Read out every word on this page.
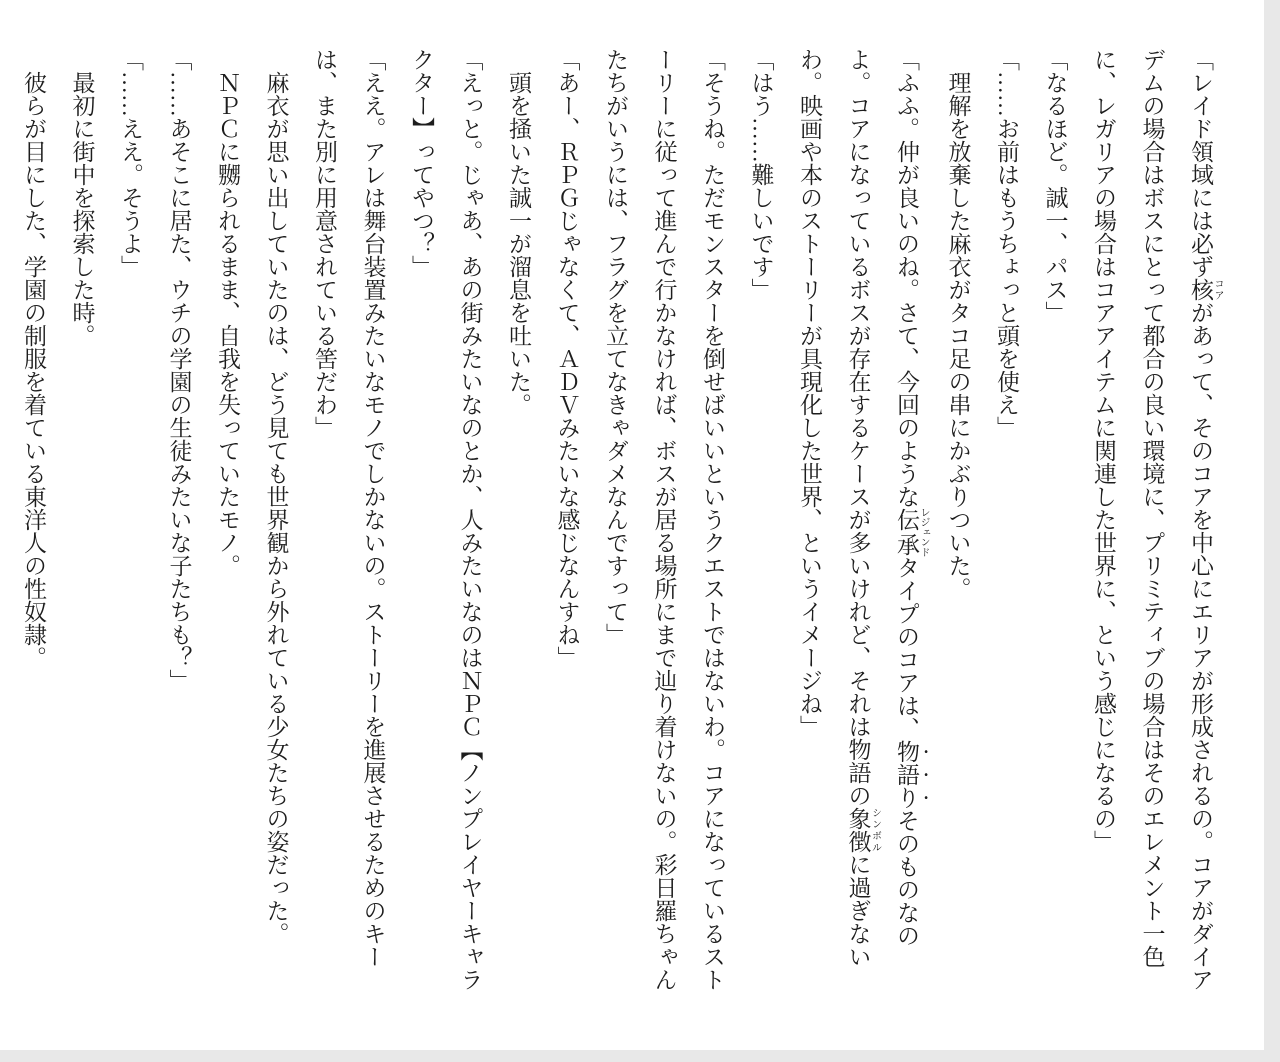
「レイド領域には必ず核 コアがあって、そのコアを中心にエリアが形成されるの。コアがダイアデムの場合はボスにとって都合の良い環境に、プリミティブの場合はそのエレメント一色に、レガリアの場合はコアアイテムに関連した世界に、という感じになるの」

「なるほど。誠一、パス」

「……お前はもうちょっと頭を使え」

理解を放棄した麻衣がタコ足の串にかぶりついた。

「ふふ。仲が良いのね。さて、今回のような伝承 レジェンドタイプのコアは、物語りそのものなのよ。コアになっているボスが存在するケースが多いけれど、それは物語の象徴 シンボルに過ぎないわ。映画や本のストーリーが具現化した世界、というイメージね」

「はう……難しいです」

「そうね。ただモンスターを倒せばいいというクエストではないわ。コアになっているストーリーに従って進んで行かなければ、ボスが居る場所にまで辿り着けないの。彩日羅ちゃんたちがいうには、フラグを立てなきゃダメなんですって」

「あー、ＲＰＧじゃなくて、ＡＤＶみたいな感じなんすね」

頭を掻いた誠一が溜息を吐いた。

「えっと。じゃあ、あの街みたいなのとか、人みたいなのはＮＰＣ【ノンプレイヤーキャラクター】ってやつ？」

「ええ。アレは舞台装置みたいなモノでしかないの。ストーリーを進展させるためのキーは、また別に用意されている筈だわ」

麻衣が思い出していたのは、どう見ても世界観から外れている少女たちの姿だった。

ＮＰＣに嬲られるまま、自我を失っていたモノ。

「……あそこに居た、ウチの学園の生徒みたいな子たちも？」

「……ええ。そうよ」

最初に街中を探索した時。

彼らが目にした、学園の制服を着ている東洋人の性奴隷。
